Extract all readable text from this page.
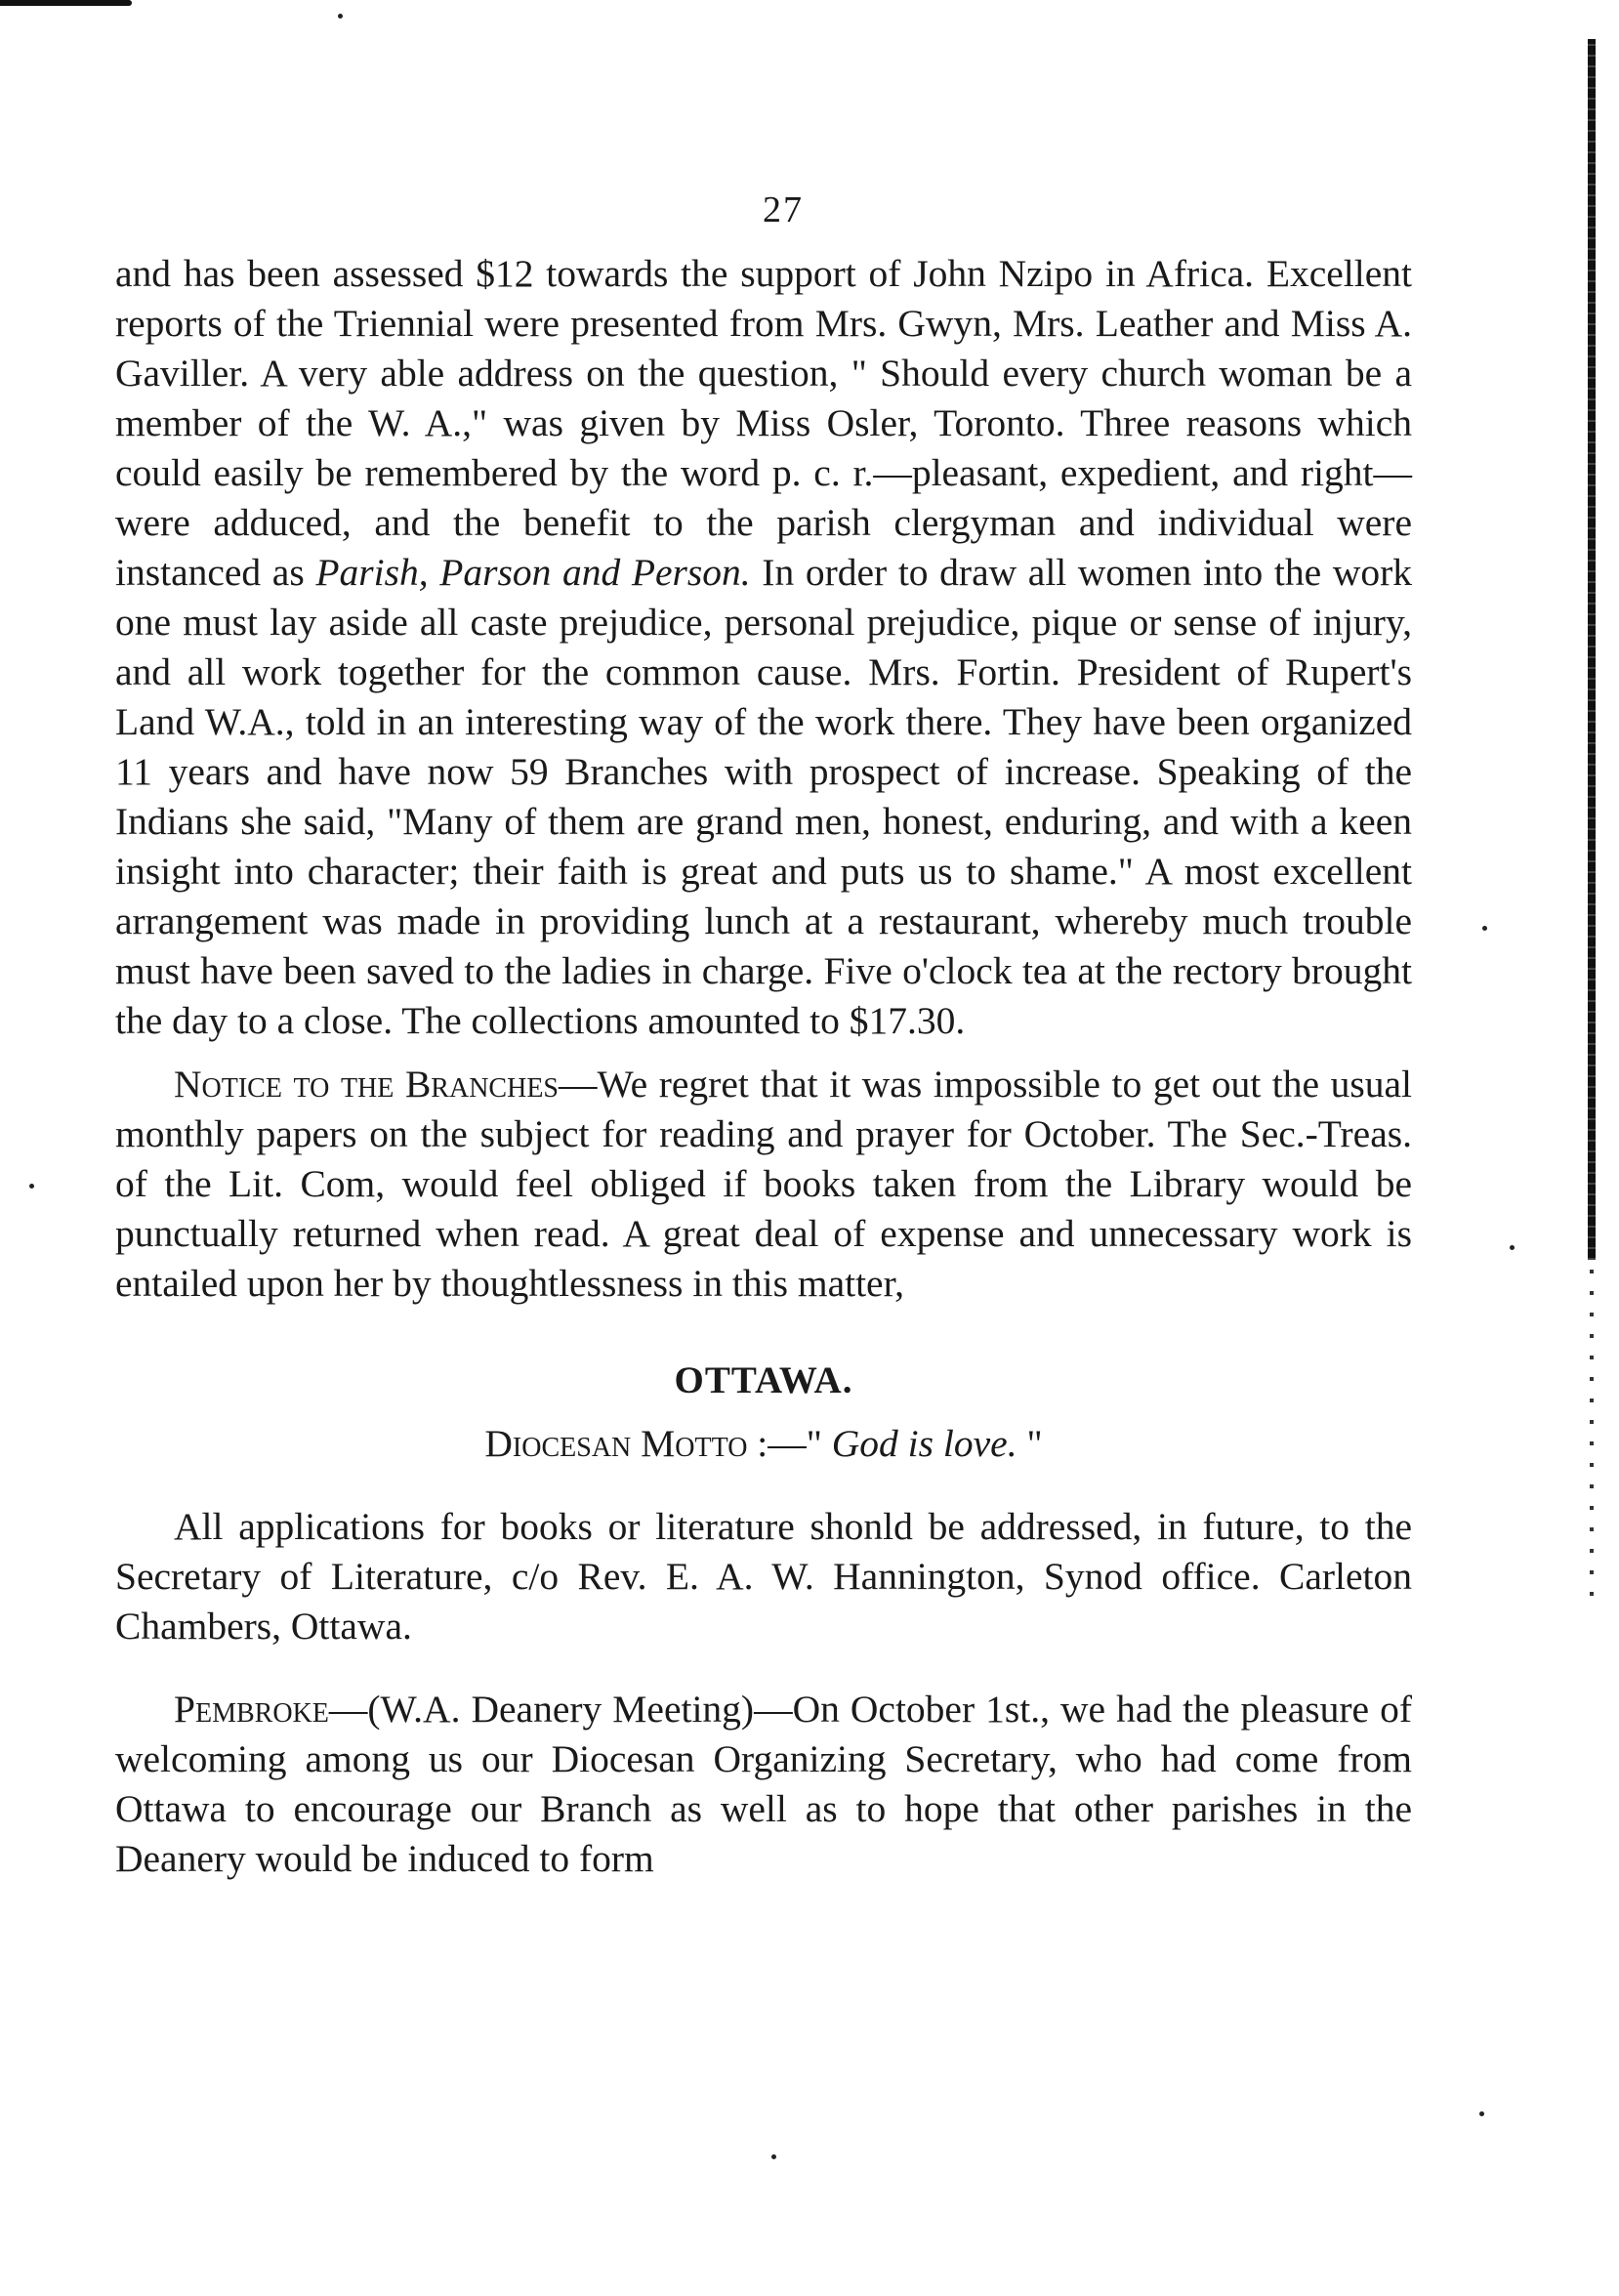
27

and has been assessed $12 towards the support of John Nzipo in Africa. Excellent reports of the Triennial were presented from Mrs. Gwyn, Mrs. Leather and Miss A. Gaviller. A very able address on the question, " Should every church woman be a member of the W. A.," was given by Miss Osler, Toronto. Three reasons which could easily be remembered by the word p. c. r.—pleasant, expedient, and right—were adduced, and the benefit to the parish clergyman and individual were instanced as Parish, Parson and Person. In order to draw all women into the work one must lay aside all caste prejudice, personal prejudice, pique or sense of injury, and all work together for the common cause. Mrs. Fortin. President of Rupert's Land W.A., told in an interesting way of the work there. They have been organized 11 years and have now 59 Branches with prospect of increase. Speaking of the Indians she said, "Many of them are grand men, honest, enduring, and with a keen insight into character; their faith is great and puts us to shame." A most excellent arrangement was made in providing lunch at a restaurant, whereby much trouble must have been saved to the ladies in charge. Five o'clock tea at the rectory brought the day to a close. The collections amounted to $17.30.

Notice to the Branches—We regret that it was impossible to get out the usual monthly papers on the subject for reading and prayer for October. The Sec.-Treas. of the Lit. Com, would feel obliged if books taken from the Library would be punctually returned when read. A great deal of expense and unnecessary work is entailed upon her by thoughtlessness in this matter,

OTTAWA.

Diocesan Motto :—" God is love. "

All applications for books or literature shonld be addressed, in future, to the Secretary of Literature, c/o Rev. E. A. W. Hannington, Synod office. Carleton Chambers, Ottawa.

Pembroke—(W.A. Deanery Meeting)—On October 1st., we had the pleasure of welcoming among us our Diocesan Organizing Secretary, who had come from Ottawa to encourage our Branch as well as to hope that other parishes in the Deanery would be induced to form
